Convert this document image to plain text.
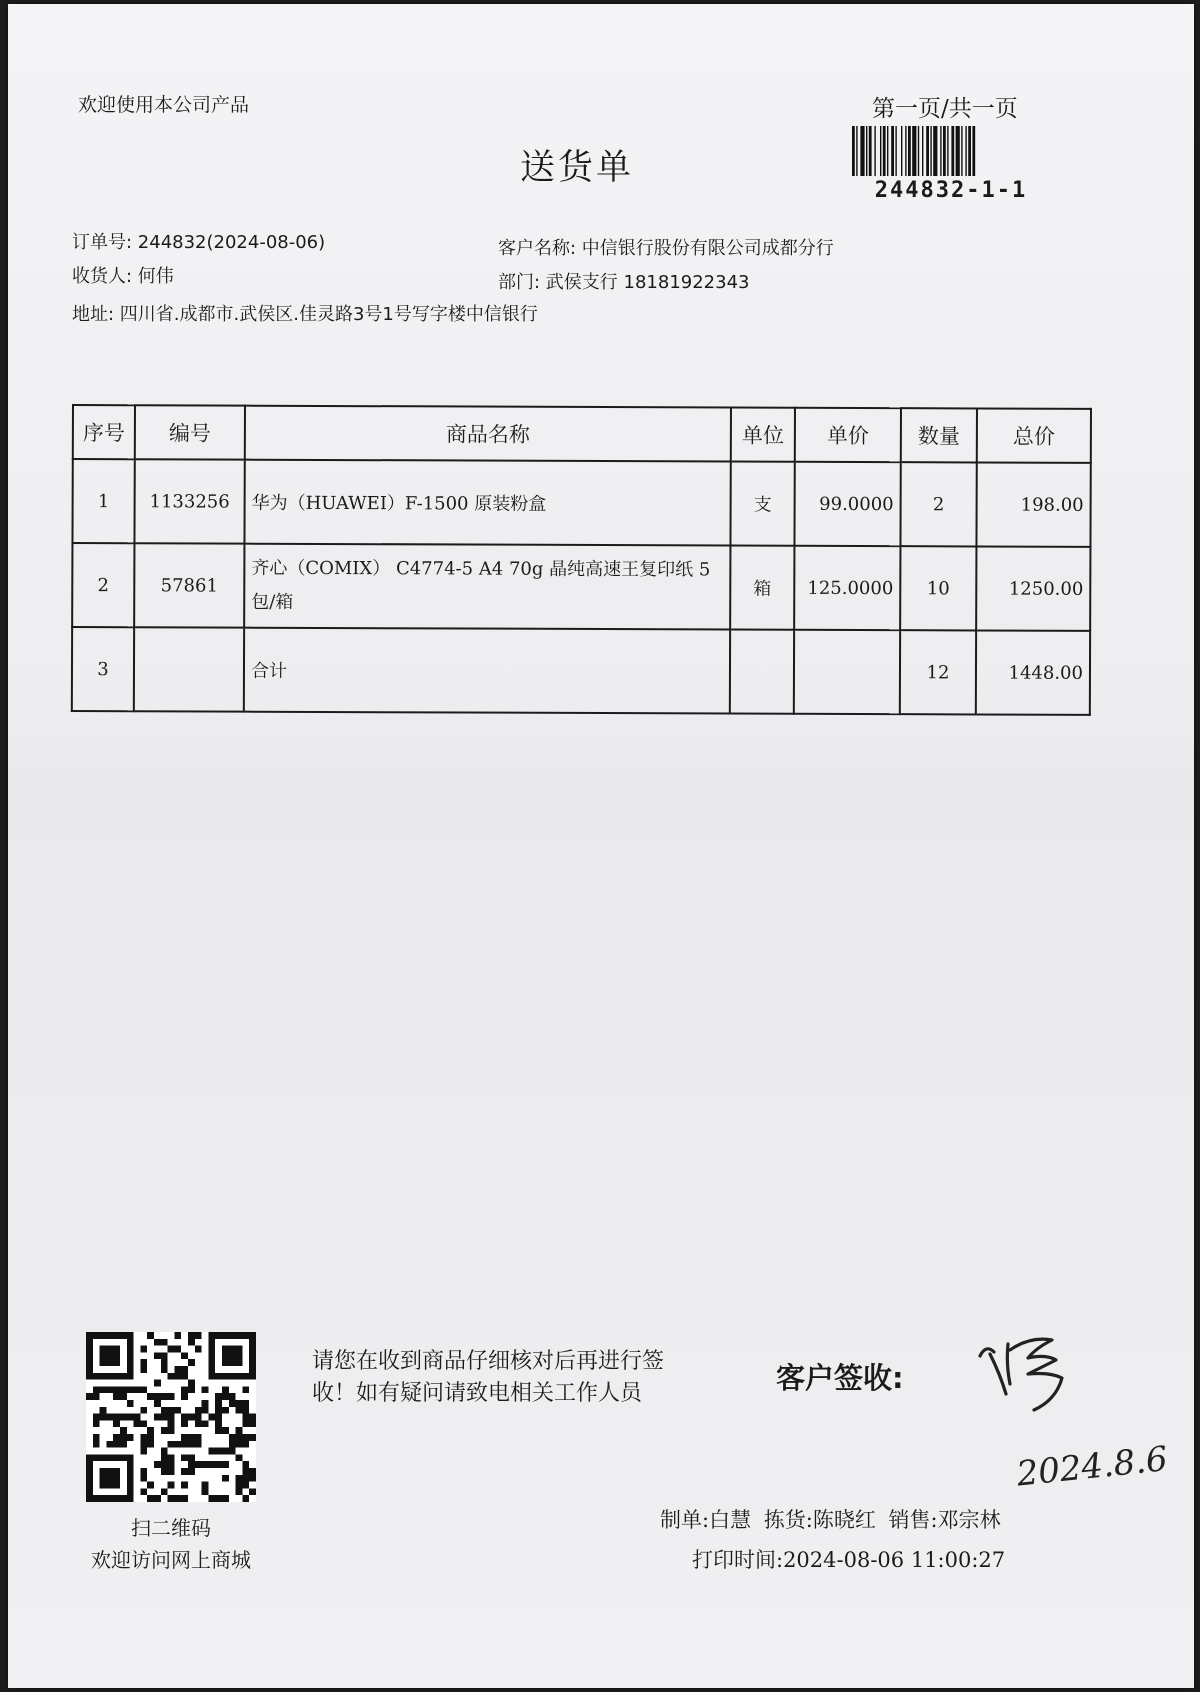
欢迎使用本公司产品	第一页/共一页
送货单
244832-1-1
订单号: 244832(2024-08-06)	客户名称: 中信银行股份有限公司成都分行
收货人: 何伟	部门: 武侯支行 18181922343
地址: 四川省.成都市.武侯区.佳灵路3号1号写字楼中信银行
序号	编号	商品名称	单位	单价	数量	总价
1	1133256	华为（HUAWEI）F-1500 原装粉盒	支	99.0000	2	198.00
2	57861	齐心（COMIX） C4774-5 A4 70g 晶纯高速王复印纸 5包/箱	箱	125.0000	10	1250.00
3		合计			12	1448.00
扫二维码
欢迎访问网上商城
请您在收到商品仔细核对后再进行签
收！如有疑问请致电相关工作人员	客户签收:
2024.8.6
制单:白慧 拣货:陈晓红 销售:邓宗林
打印时间:2024-08-06 11:00:27
